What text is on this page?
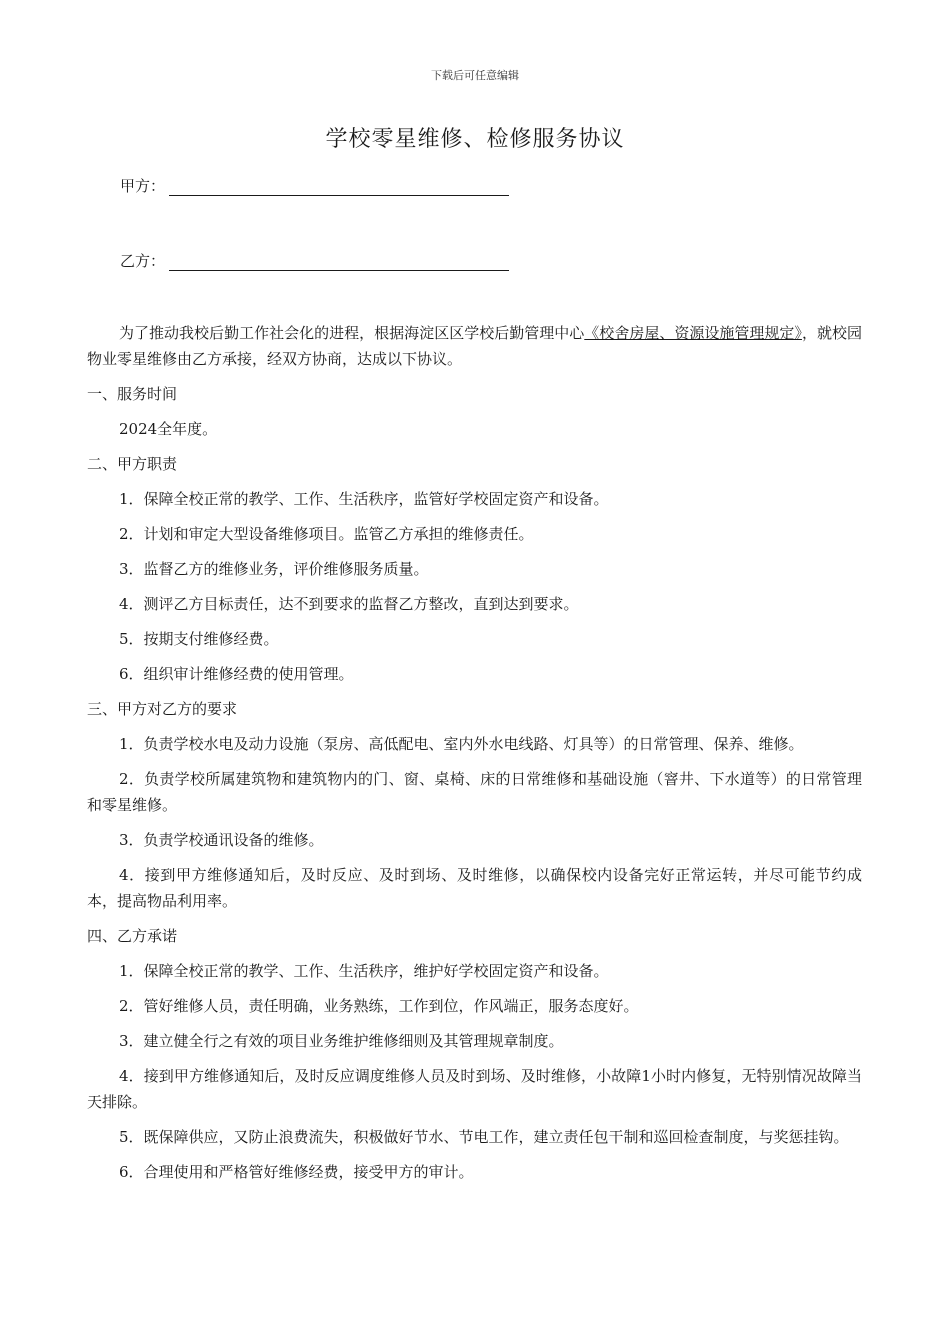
下载后可任意编辑
学校零星维修、检修服务协议
甲方：
乙方：

为了推动我校后勤工作社会化的进程，根据海淀区区学校后勤管理中心《校舍房屋、资源设施管理规定》，就校园物业零星维修由乙方承接，经双方协商，达成以下协议。

一、服务时间

2024全年度。

二、甲方职责

1．保障全校正常的教学、工作、生活秩序，监管好学校固定资产和设备。

2．计划和审定大型设备维修项目。监管乙方承担的维修责任。

3．监督乙方的维修业务，评价维修服务质量。

4．测评乙方目标责任，达不到要求的监督乙方整改，直到达到要求。

5．按期支付维修经费。

6．组织审计维修经费的使用管理。

三、甲方对乙方的要求

1．负责学校水电及动力设施（泵房、高低配电、室内外水电线路、灯具等）的日常管理、保养、维修。

2．负责学校所属建筑物和建筑物内的门、窗、桌椅、床的日常维修和基础设施（窨井、下水道等）的日常管理和零星维修。

3．负责学校通讯设备的维修。

4．接到甲方维修通知后，及时反应、及时到场、及时维修，以确保校内设备完好正常运转，并尽可能节约成本，提高物品利用率。

四、乙方承诺

1．保障全校正常的教学、工作、生活秩序，维护好学校固定资产和设备。

2．管好维修人员，责任明确，业务熟练，工作到位，作风端正，服务态度好。

3．建立健全行之有效的项目业务维护维修细则及其管理规章制度。

4．接到甲方维修通知后，及时反应调度维修人员及时到场、及时维修，小故障1小时内修复，无特别情况故障当天排除。

5．既保障供应，又防止浪费流失，积极做好节水、节电工作，建立责任包干制和巡回检查制度，与奖惩挂钩。

6．合理使用和严格管好维修经费，接受甲方的审计。
